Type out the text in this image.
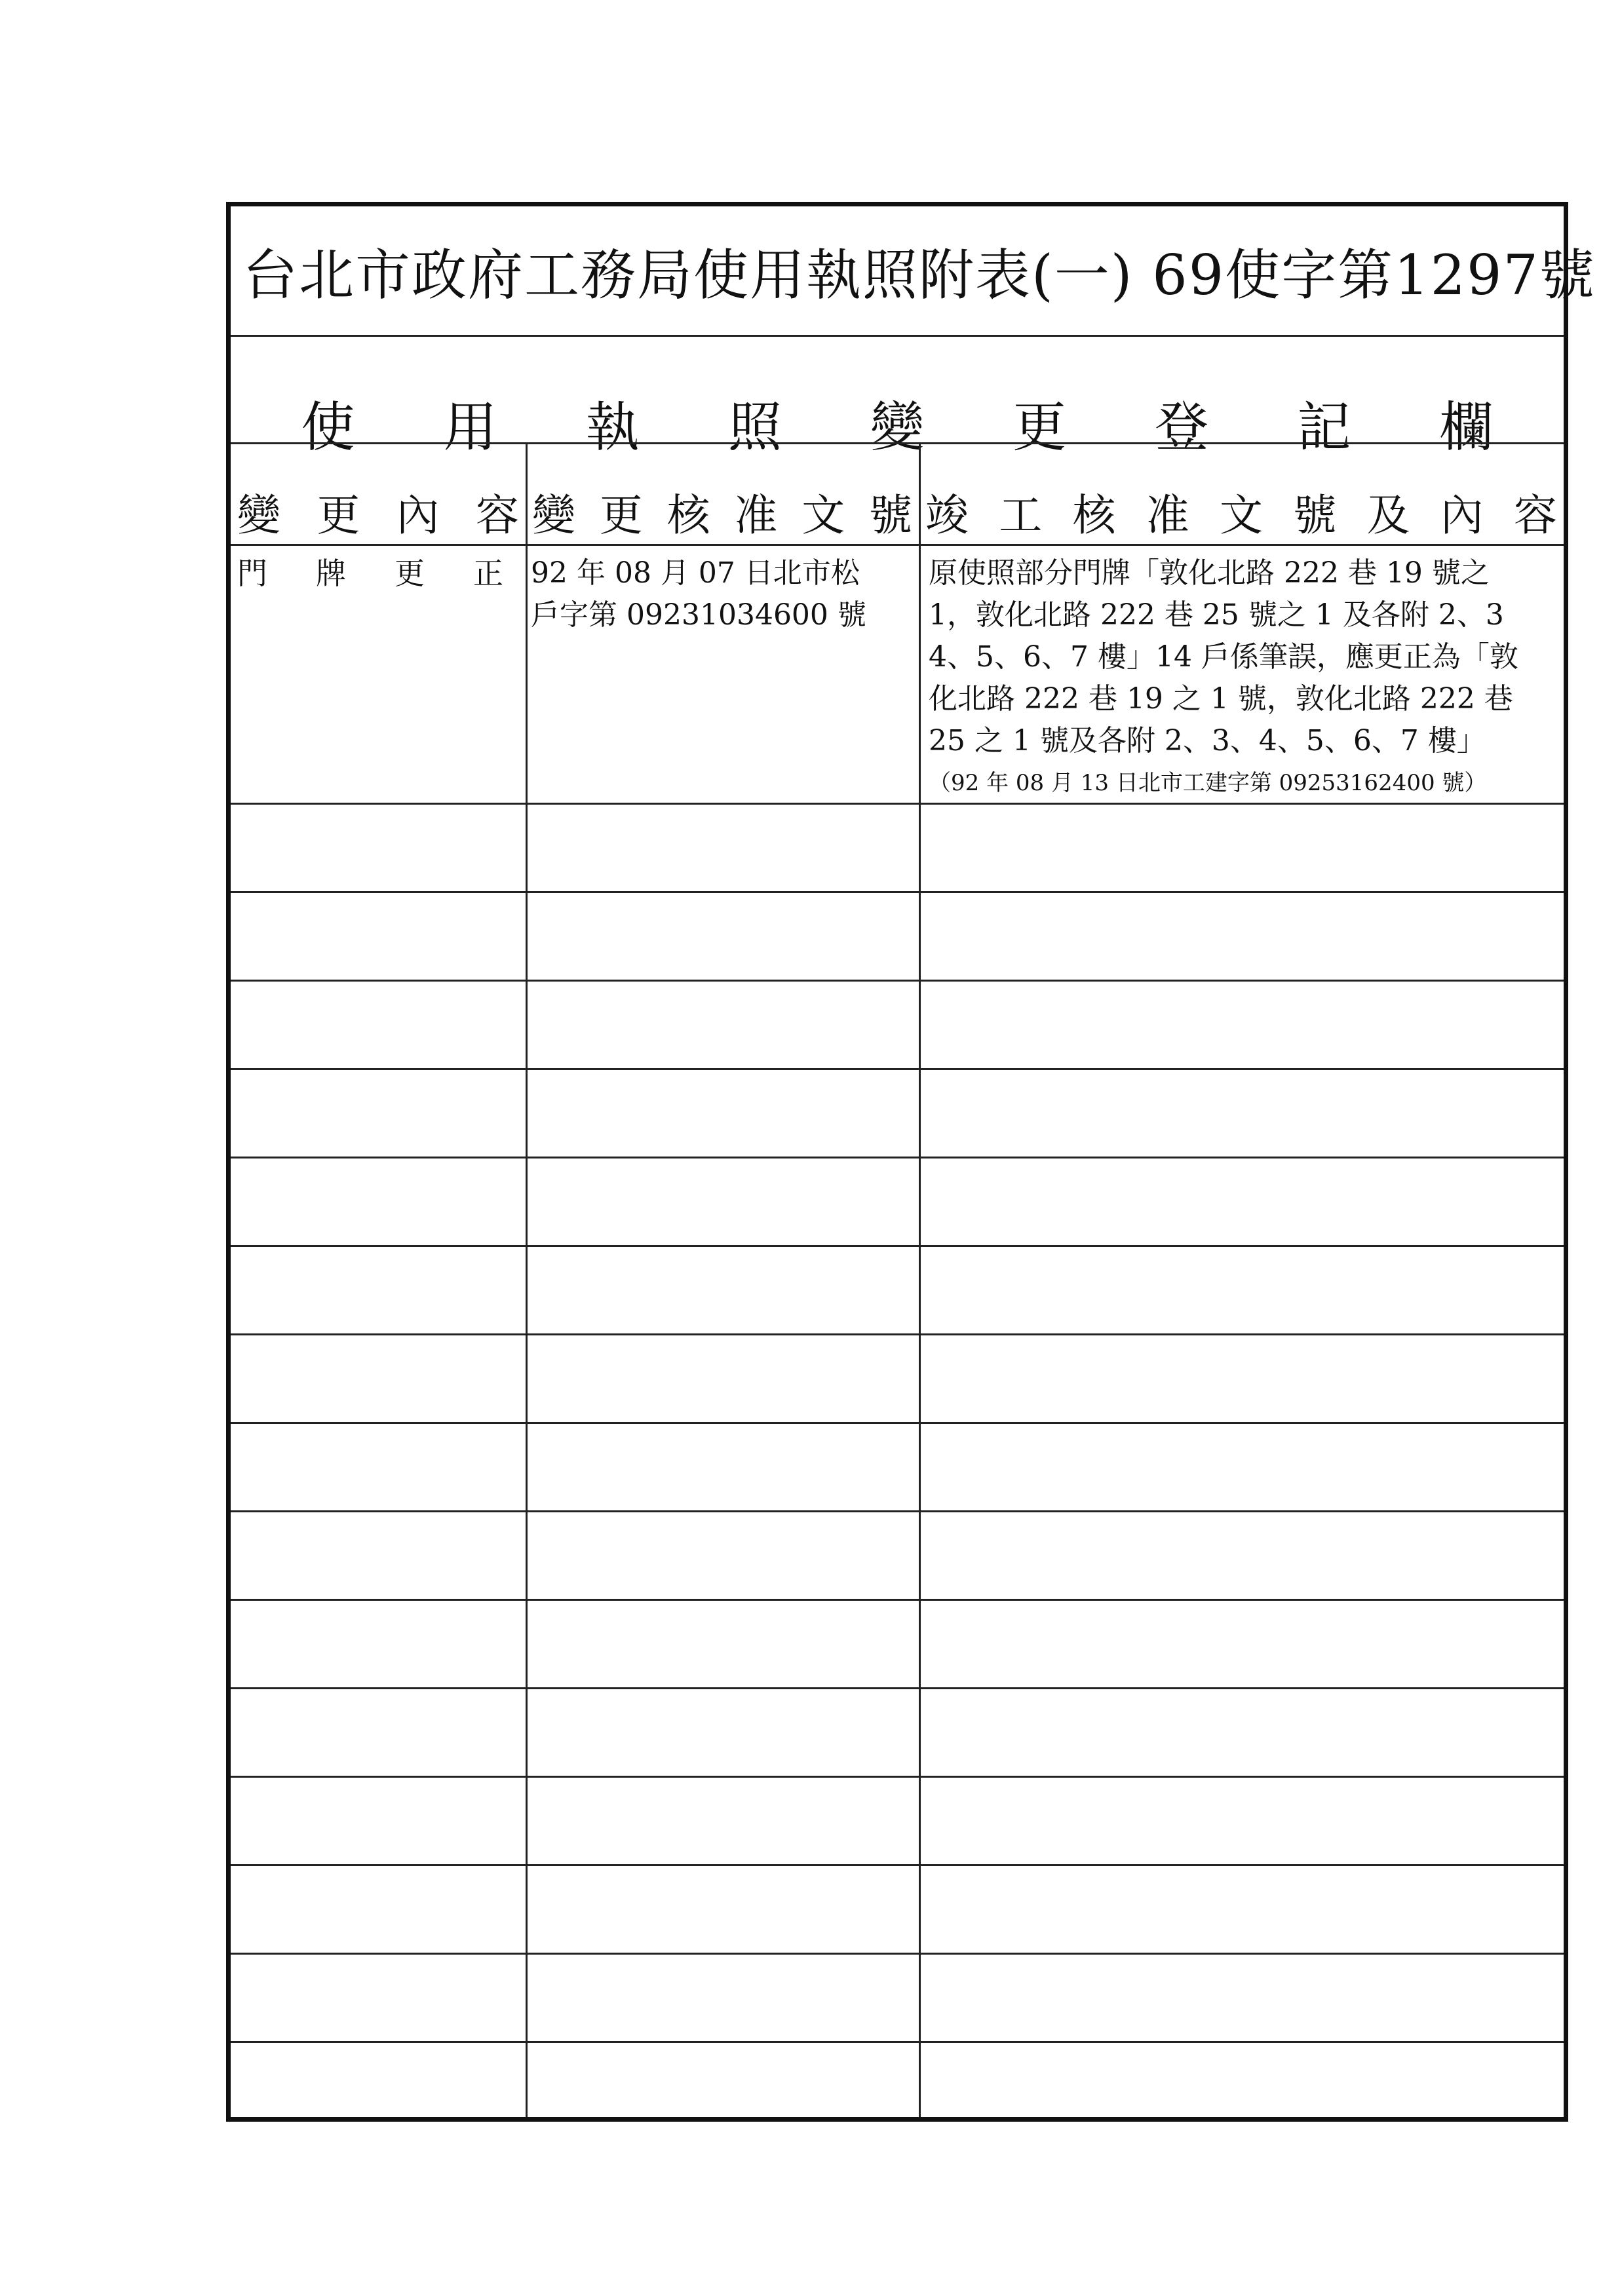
台北市政府工務局使用執照附表(一) 69使字第1297號
使 用 執 照 變 更 登 記 欄
變 更 內 容 變 更 核 准 文 號 竣 工 核 准 文 號 及 內 容
門 牌 更 正 92 年 08 月 07 日北市松
戶字第 09231034600 號
原使照部分門牌「敦化北路 222 巷 19 號之
1，敦化北路 222 巷 25 號之 1 及各附 2、3
4、5、6、7 樓」14 戶係筆誤，應更正為「敦
化北路 222 巷 19 之 1 號，敦化北路 222 巷
25 之 1 號及各附 2、3、4、5、6、7 樓」
（92 年 08 月 13 日北市工建字第 09253162400 號）
